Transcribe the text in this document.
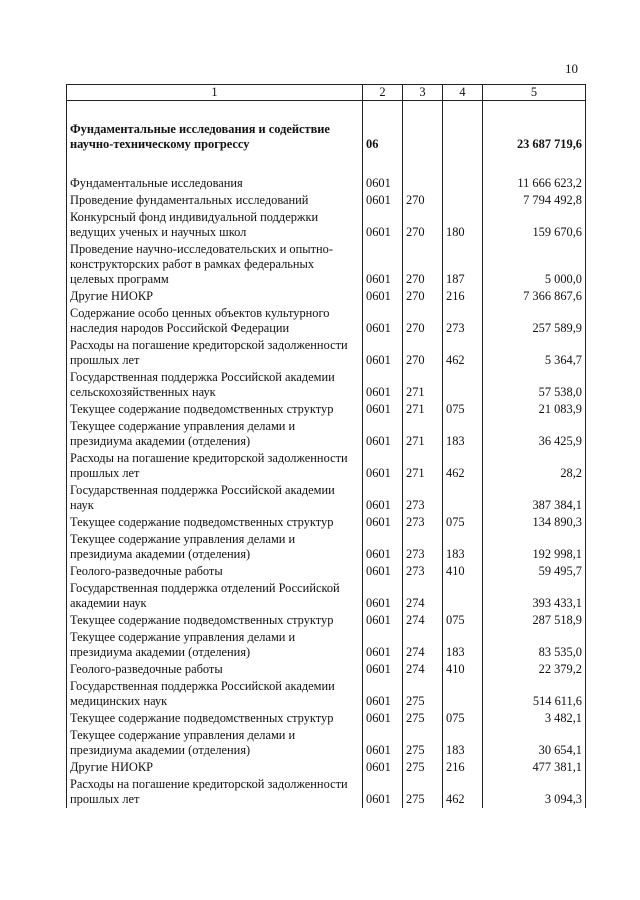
10
1	2	3	4	5

Фундаментальные исследования и содействие научно-техническому прогрессу	06			23 687 719,6

Фундаментальные исследования	0601			11 666 623,2
Проведение фундаментальных исследований	0601	270		7 794 492,8
Конкурсный фонд индивидуальной поддержки ведущих ученых и научных школ	0601	270	180	159 670,6
Проведение научно-исследовательских и опытно-конструкторских работ в рамках федеральных целевых программ	0601	270	187	5 000,0
Другие НИОКР	0601	270	216	7 366 867,6
Содержание особо ценных объектов культурного наследия народов Российской Федерации	0601	270	273	257 589,9
Расходы на погашение кредиторской задолженности прошлых лет	0601	270	462	5 364,7
Государственная поддержка Российской академии сельскохозяйственных наук	0601	271		57 538,0
Текущее содержание подведомственных структур	0601	271	075	21 083,9
Текущее содержание управления делами и президиума академии (отделения)	0601	271	183	36 425,9
Расходы на погашение кредиторской задолженности прошлых лет	0601	271	462	28,2
Государственная поддержка Российской академии наук	0601	273		387 384,1
Текущее содержание подведомственных структур	0601	273	075	134 890,3
Текущее содержание управления делами и президиума академии (отделения)	0601	273	183	192 998,1
Геолого-разведочные работы	0601	273	410	59 495,7
Государственная поддержка отделений Российской академии наук	0601	274		393 433,1
Текущее содержание подведомственных структур	0601	274	075	287 518,9
Текущее содержание управления делами и президиума академии (отделения)	0601	274	183	83 535,0
Геолого-разведочные работы	0601	274	410	22 379,2
Государственная поддержка Российской академии медицинских наук	0601	275		514 611,6
Текущее содержание подведомственных структур	0601	275	075	3 482,1
Текущее содержание управления делами и президиума академии (отделения)	0601	275	183	30 654,1
Другие НИОКР	0601	275	216	477 381,1
Расходы на погашение кредиторской задолженности прошлых лет	0601	275	462	3 094,3
